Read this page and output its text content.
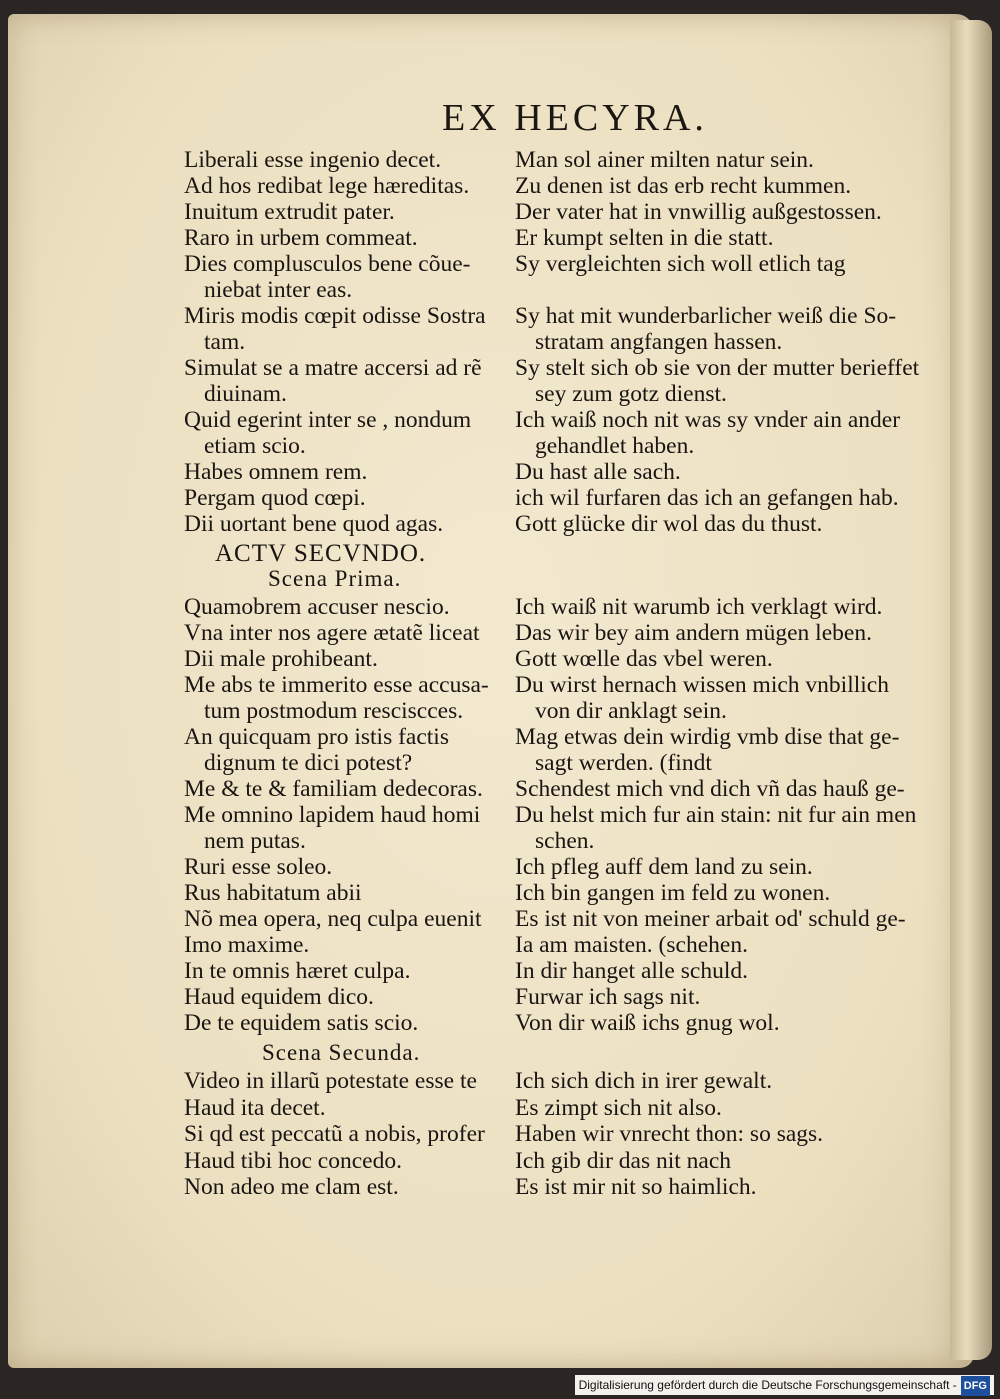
EX HECYRA.
ACTV SECVNDO.
Scena Prima.
Scena Secunda.
Liberali esse ingenio decet.	Man sol ainer milten natur sein.
Ad hos redibat lege hæreditas.	Zu denen ist das erb recht kummen.
Inuitum extrudit pater.	Der vater hat in vnwillig außgestossen.
Raro in urbem commeat.	Er kumpt selten in die statt.
Dies complusculos bene cõue-	Sy vergleichten sich woll etlich tag
niebat inter eas.
Miris modis cœpit odisse Sostra	Sy hat mit wunderbarlicher weiß die So-
tam.	stratam angfangen hassen.
Simulat se a matre accersi ad rẽ	Sy stelt sich ob sie von der mutter berieffet
diuinam.	sey zum gotz dienst.
Quid egerint inter se , nondum	Ich waiß noch nit was sy vnder ain ander
etiam scio.	gehandlet haben.
Habes omnem rem.	Du hast alle sach.
Pergam quod cœpi.	ich wil furfaren das ich an gefangen hab.
Dii uortant bene quod agas.	Gott glücke dir wol das du thust.
Quamobrem accuser nescio.	Ich waiß nit warumb ich verklagt wird.
Vna inter nos agere ætatẽ liceat	Das wir bey aim andern mügen leben.
Dii male prohibeant.	Gott wœlle das vbel weren.
Me abs te immerito esse accusa-	Du wirst hernach wissen mich vnbillich
tum postmodum resciscces.	von dir anklagt sein.
An quicquam pro istis factis	Mag etwas dein wirdig vmb dise that ge-
dignum te dici potest?	sagt werden. (findt
Me & te & familiam dedecoras.	Schendest mich vnd dich vñ das hauß ge-
Me omnino lapidem haud homi	Du helst mich fur ain stain: nit fur ain men
nem putas.	schen.
Ruri esse soleo.	Ich pfleg auff dem land zu sein.
Rus habitatum abii	Ich bin gangen im feld zu wonen.
Nõ mea opera, neq culpa euenit	Es ist nit von meiner arbait od' schuld ge-
Imo maxime.	Ia am maisten. (schehen.
In te omnis hæret culpa.	In dir hanget alle schuld.
Haud equidem dico.	Furwar ich sags nit.
De te equidem satis scio.	Von dir waiß ichs gnug wol.
Video in illarũ potestate esse te	Ich sich dich in irer gewalt.
Haud ita decet.	Es zimpt sich nit also.
Si qd est peccatũ a nobis, profer	Haben wir vnrecht thon: so sags.
Haud tibi hoc concedo.	Ich gib dir das nit nach
Non adeo me clam est.	Es ist mir nit so haimlich.
Digitalisierung gefördert durch die Deutsche Forschungsgemeinschaft - DFG
